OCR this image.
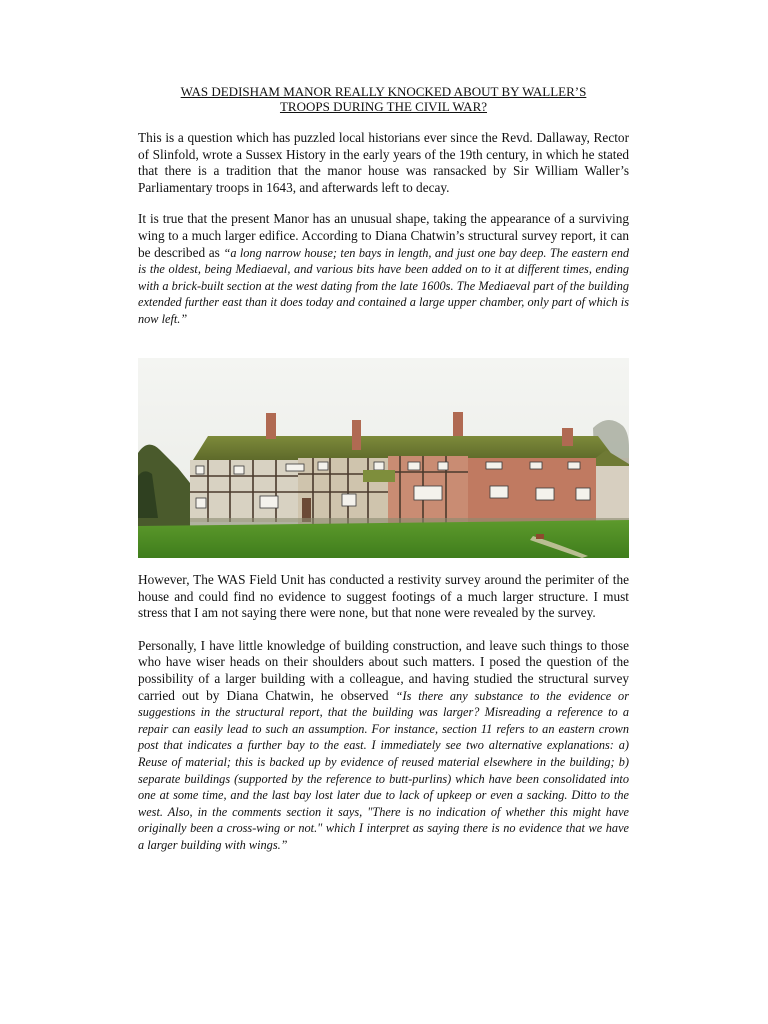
WAS DEDISHAM MANOR REALLY KNOCKED ABOUT BY WALLER’S
TROOPS DURING THE CIVIL WAR?

This is a question which has puzzled local historians ever since the Revd. Dallaway, Rector of Slinfold, wrote a Sussex History in the early years of the 19th century, in which he stated that there is a tradition that the manor house was ransacked by Sir William Waller’s Parliamentary troops in 1643, and afterwards left to decay.

It is true that the present Manor has an unusual shape, taking the appearance of a surviving wing to a much larger edifice. According to Diana Chatwin’s structural survey report, it can be described as “a long narrow house; ten bays in length, and just one bay deep. The eastern end is the oldest, being Mediaeval, and various bits have been added on to it at different times, ending with a brick-built section at the west dating from the late 1600s. The Mediaeval part of the building extended further east than it does today and contained a large upper chamber, only part of which is now left.”

However, The WAS Field Unit has conducted a restivity survey around the perimiter of the house and could find no evidence to suggest footings of a much larger structure. I must stress that I am not saying there were none, but that none were revealed by the survey.

Personally, I have little knowledge of building construction, and leave such things to those who have wiser heads on their shoulders about such matters. I posed the question of the possibility of a larger building with a colleague, and having studied the structural survey carried out by Diana Chatwin, he observed “Is there any substance to the evidence or suggestions in the structural report, that the building was larger? Misreading a reference to a repair can easily lead to such an assumption. For instance, section 11 refers to an eastern crown post that indicates a further bay to the east. I immediately see two alternative explanations: a) Reuse of material; this is backed up by evidence of reused material elsewhere in the building; b) separate buildings (supported by the reference to butt-purlins) which have been consolidated into one at some time, and the last bay lost later due to lack of upkeep or even a sacking. Ditto to the west. Also, in the comments section it says, "There is no indication of whether this might have originally been a cross-wing or not." which I interpret as saying there is no evidence that we have a larger building with wings.”
